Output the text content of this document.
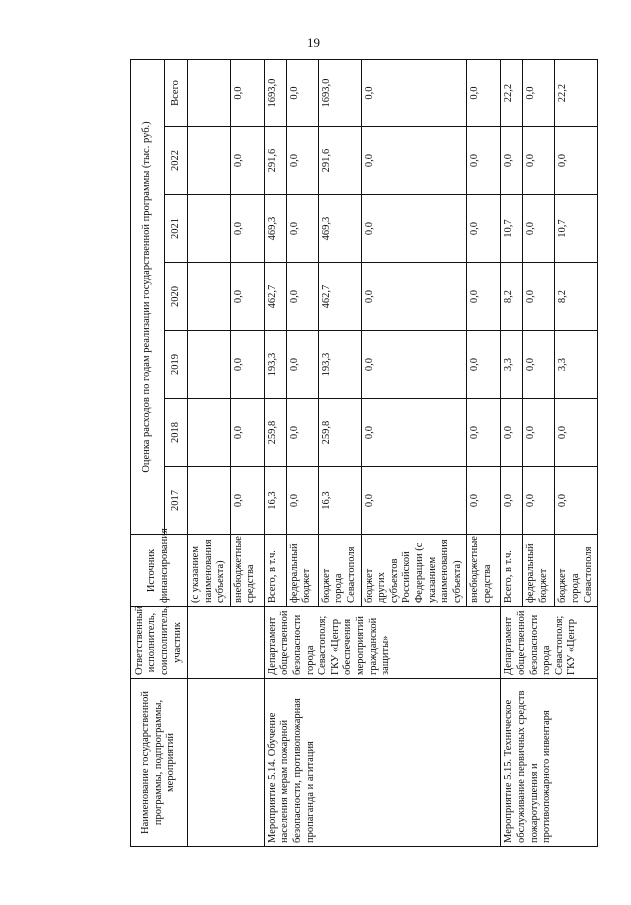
19
Наименование государственной программы, подпрограммы, мероприятий	Ответственный исполнитель, соисполнитель, участник	Источник финансирования	Оценка расходов по годам реализации государственной программы (тыс. руб.)						
			2017	2018	2019	2020	2021	2022	Всего
		(с указанием наименования субъекта)							
		внебюджетные средства	0,0	0,0	0,0	0,0	0,0	0,0	0,0
Мероприятие 5.14. Обучение населения мерам пожарной безопасности, противопожарная пропаганда и агитация	Департамент общественной безопасности города Севастополя; ГКУ «Центр обеспечения мероприятий гражданской защиты»	Всего, в т.ч.	16,3	259,8	193,3	462,7	469,3	291,6	1693,0
		федеральный бюджет	0,0	0,0	0,0	0,0	0,0	0,0	0,0
		бюджет города Севастополя	16,3	259,8	193,3	462,7	469,3	291,6	1693,0
		бюджет других субъектов Российской Федерации (с указанием наименования субъекта)	0,0	0,0	0,0	0,0	0,0	0,0	0,0
		внебюджетные средства	0,0	0,0	0,0	0,0	0,0	0,0	0,0
Мероприятие 5.15. Техническое обслуживание первичных средств пожаротушения и противопожарного инвентаря	Департамент общественной безопасности города Севастополя; ГКУ «Центр	Всего, в т.ч.	0,0	0,0	3,3	8,2	10,7	0,0	22,2
		федеральный бюджет	0,0	0,0	0,0	0,0	0,0	0,0	0,0
		бюджет города Севастополя	0,0	0,0	3,3	8,2	10,7	0,0	22,2
